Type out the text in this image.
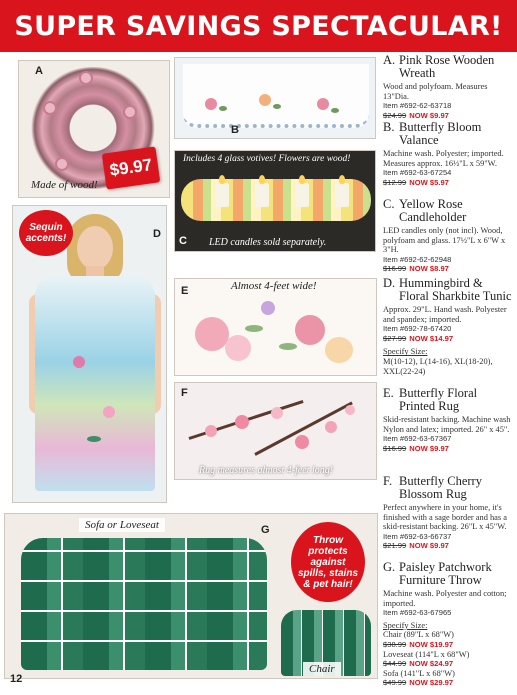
SUPER SAVINGS SPECTACULAR!
A
Made of wood!
$9.97
B
Includes 4 glass votives! Flowers are wood!
LED candles sold separately.
C
Sequin accents!	D
Almost 4-feet wide!
E
F
Rug measures almost 4-feet long!
Sofa or Loveseat
Chair
G
Throw protects against spills, stains & pet hair!
A. Pink Rose Wooden Wreath
Wood and polyfoam. Measures 13"Dia.
Item #692-62-63718
$24.99 NOW $9.97
B. Butterfly Bloom Valance
Machine wash. Polyester; imported. Measures approx. 16½"L x 59"W.
Item #692-63-67254
$12.99 NOW $5.97
C. Yellow Rose Candleholder
LED candles only (not incl). Wood, polyfoam and glass. 17½"L x 6"W x 3"H.
Item #692-62-62948
$16.99 NOW $8.97
D. Hummingbird & Floral Sharkbite Tunic
Approx. 29"L. Hand wash. Polyester and spandex; imported.
Item #692-78-67420
$27.99 NOW $14.97
Specify Size:
M(10-12), L(14-16), XL(18-20), XXL(22-24)
E. Butterfly Floral Printed Rug
Skid-resistant backing. Machine wash Nylon and latex; imported. 26" x 45".
Item #692-63-67367
$16.99 NOW $9.97
F. Butterfly Cherry Blossom Rug
Perfect anywhere in your home, it's finished with a sage border and has a skid-resistant backing. 26"L x 45"W.
Item #692-63-66737
$21.99 NOW $9.97
G. Paisley Patchwork Furniture Throw
Machine wash. Polyester and cotton; imported.
Item #692-63-67965
Specify Size:
Chair (89"L x 68"W)
$38.99 NOW $19.97
Loveseat (114"L x 68"W)
$44.99 NOW $24.97
Sofa (141"L x 68"W)
$49.99 NOW $29.97
12
